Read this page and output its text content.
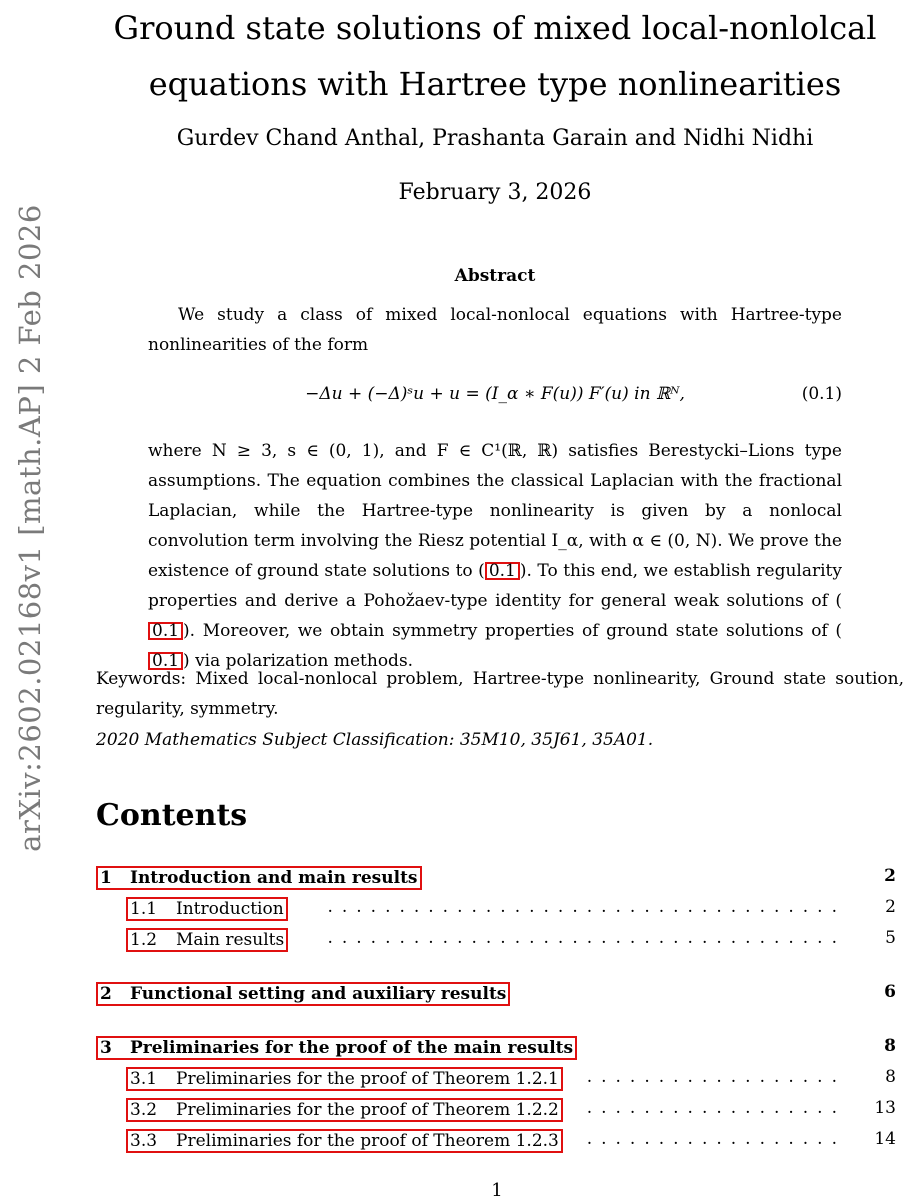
arXiv:2602.02168v1 [math.AP] 2 Feb 2026
Ground state solutions of mixed local-nonlolcal
equations with Hartree type nonlinearities
Gurdev Chand Anthal, Prashanta Garain and Nidhi Nidhi
February 3, 2026
Abstract
We study a class of mixed local-nonlocal equations with Hartree-type nonlinearities of the form
−Δu + (−Δ)ˢu + u = (I_α ∗ F(u)) F′(u) in ℝᴺ,	(0.1)
where N ≥ 3, s ∈ (0, 1), and F ∈ C¹(ℝ, ℝ) satisfies Berestycki–Lions type assumptions. The equation combines the classical Laplacian with the fractional Laplacian, while the Hartree-type nonlinearity is given by a nonlocal convolution term involving the Riesz potential I_α, with α ∈ (0, N). We prove the existence of ground state solutions to ( 0.1 ). To this end, we establish regularity properties and derive a Pohožaev-type identity for general weak solutions of (0.1 ). Moreover, we obtain symmetry properties of ground state solutions of (0.1 ) via polarization methods.
Keywords: Mixed local-nonlocal problem, Hartree-type nonlinearity, Ground state soution, regularity, symmetry.
2020 Mathematics Subject Classification: 35M10, 35J61, 35A01.
Contents
1 Introduction and main results	2
1.1 Introduction	.................................... 2
1.2 Main results	.................................... 5
2 Functional setting and auxiliary results	6
3 Preliminaries for the proof of the main results	8
3.1 Preliminaries for the proof of Theorem 1.2.1	.................. 8
3.2 Preliminaries for the proof of Theorem 1.2.2	.................. 13
3.3 Preliminaries for the proof of Theorem 1.2.3	.................. 14
1
